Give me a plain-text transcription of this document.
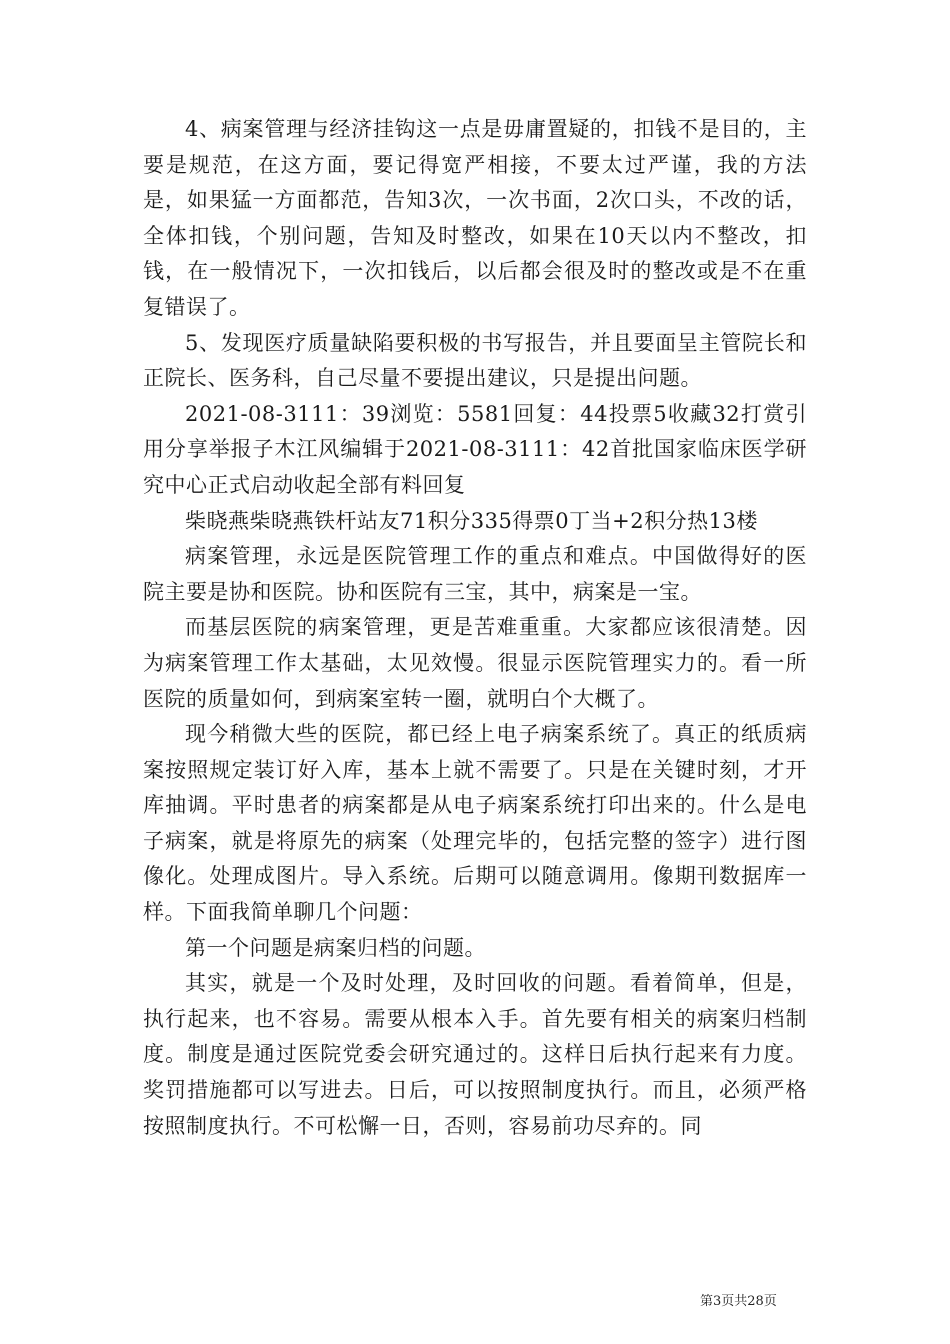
4、病案管理与经济挂钩这一点是毋庸置疑的，扣钱不是目的，主要是规范，在这方面，要记得宽严相接，不要太过严谨，我的方法是，如果猛一方面都范，告知3次，一次书面，2次口头，不改的话，全体扣钱，个别问题，告知及时整改，如果在10天以内不整改，扣钱，在一般情况下，一次扣钱后，以后都会很及时的整改或是不在重复错误了。

5、发现医疗质量缺陷要积极的书写报告，并且要面呈主管院长和正院长、医务科，自己尽量不要提出建议，只是提出问题。

2021-08-3111：39浏览：5581回复：44投票5收藏32打赏引用分享举报子木江风编辑于2021-08-3111：42首批国家临床医学研究中心正式启动收起全部有料回复

柴晓燕柴晓燕铁杆站友71积分335得票0丁当+2积分热13楼

病案管理，永远是医院管理工作的重点和难点。中国做得好的医院主要是协和医院。协和医院有三宝，其中，病案是一宝。

而基层医院的病案管理，更是苦难重重。大家都应该很清楚。因为病案管理工作太基础，太见效慢。很显示医院管理实力的。看一所医院的质量如何，到病案室转一圈，就明白个大概了。

现今稍微大些的医院，都已经上电子病案系统了。真正的纸质病案按照规定装订好入库，基本上就不需要了。只是在关键时刻，才开库抽调。平时患者的病案都是从电子病案系统打印出来的。什么是电子病案，就是将原先的病案（处理完毕的，包括完整的签字）进行图像化。处理成图片。导入系统。后期可以随意调用。像期刊数据库一样。下面我简单聊几个问题：

第一个问题是病案归档的问题。

其实，就是一个及时处理，及时回收的问题。看着简单，但是，执行起来，也不容易。需要从根本入手。首先要有相关的病案归档制度。制度是通过医院党委会研究通过的。这样日后执行起来有力度。奖罚措施都可以写进去。日后，可以按照制度执行。而且，必须严格按照制度执行。不可松懈一日，否则，容易前功尽弃的。同

第3页共28页
